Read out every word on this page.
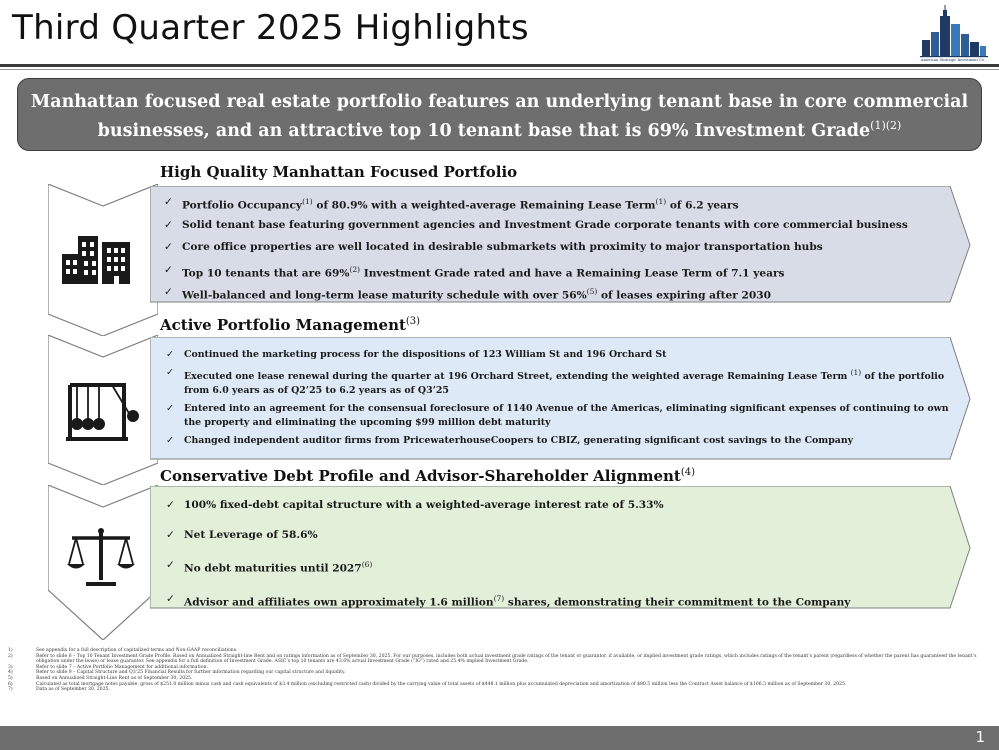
Third Quarter 2025 Highlights
American Strategic Investment Co.
Manhattan focused real estate portfolio features an underlying tenant base in core commercial
businesses, and an attractive top 10 tenant base that is 69% Investment Grade$^{(1)(2)}$
High Quality Manhattan Focused Portfolio
✓ Portfolio Occupancy$^{(1)}$ of 80.9% with a weighted-average Remaining Lease Term$^{(1)}$ of 6.2 years
✓ Solid tenant base featuring government agencies and Investment Grade corporate tenants with core commercial business
✓ Core office properties are well located in desirable submarkets with proximity to major transportation hubs
✓ Top 10 tenants that are 69%$^{(2)}$ Investment Grade rated and have a Remaining Lease Term of 7.1 years
✓ Well-balanced and long-term lease maturity schedule with over 56%$^{(5)}$ of leases expiring after 2030
Active Portfolio Management$^{(3)}$
✓ Continued the marketing process for the dispositions of 123 William St and 196 Orchard St
✓ Executed one lease renewal during the quarter at 196 Orchard Street, extending the weighted average Remaining Lease Term $^{(1)}$ of the portfolio from 6.0 years as of Q2’25 to 6.2 years as of Q3’25
✓ Entered into an agreement for the consensual foreclosure of 1140 Avenue of the Americas, eliminating significant expenses of continuing to own the property and eliminating the upcoming $99 million debt maturity
✓ Changed independent auditor firms from PricewaterhouseCoopers to CBIZ, generating significant cost savings to the Company
Conservative Debt Profile and Advisor-Shareholder Alignment$^{(4)}$
✓ 100% fixed-debt capital structure with a weighted-average interest rate of 5.33%
✓ Net Leverage of 58.6%
✓ No debt maturities until 2027$^{(6)}$
✓ Advisor and affiliates own approximately 1.6 million$^{(7)}$ shares, demonstrating their commitment to the Company
1)	See appendix for a full description of capitalized terms and Non-GAAP reconciliations.
2)	Refer to slide 6 – Top 10 Tenant Investment Grade Profile. Based on Annualized Straight-line Rent and on ratings information as of September 30, 2025. For our purposes, includes both actual investment grade ratings of the tenant or guarantor, if available, or implied investment grade ratings, which includes ratings of the tenant’s parent (regardless of whether the parent has guaranteed the tenant’s obligation under the lease) or lease guarantor. See appendix for a full definition of Investment Grade. ASIC’s top 10 tenants are 43.6% actual Investment Grade (“IG”) rated and 25.4% implied Investment Grade.
3)	Refer to slide 7 – Active Portfolio Management for additional information.
4)	Refer to slide 9 – Capital Structure and Q3’25 Financial Results for further information regarding our capital structure and liquidity.
5)	Based on Annualized Straight-Line Rent as of September 30, 2025.
6)	Calculated as total mortgage notes payable, gross of $251.0 million minus cash and cash equivalents of $3.4 million (excluding restricted cash) divided by the carrying value of total assets of $448.1 million plus accumulated depreciation and amortization of $80.5 million less the Contract Asset balance of $106.3 million as of September 30, 2025.
7)	Data as of September 30, 2025.
1
